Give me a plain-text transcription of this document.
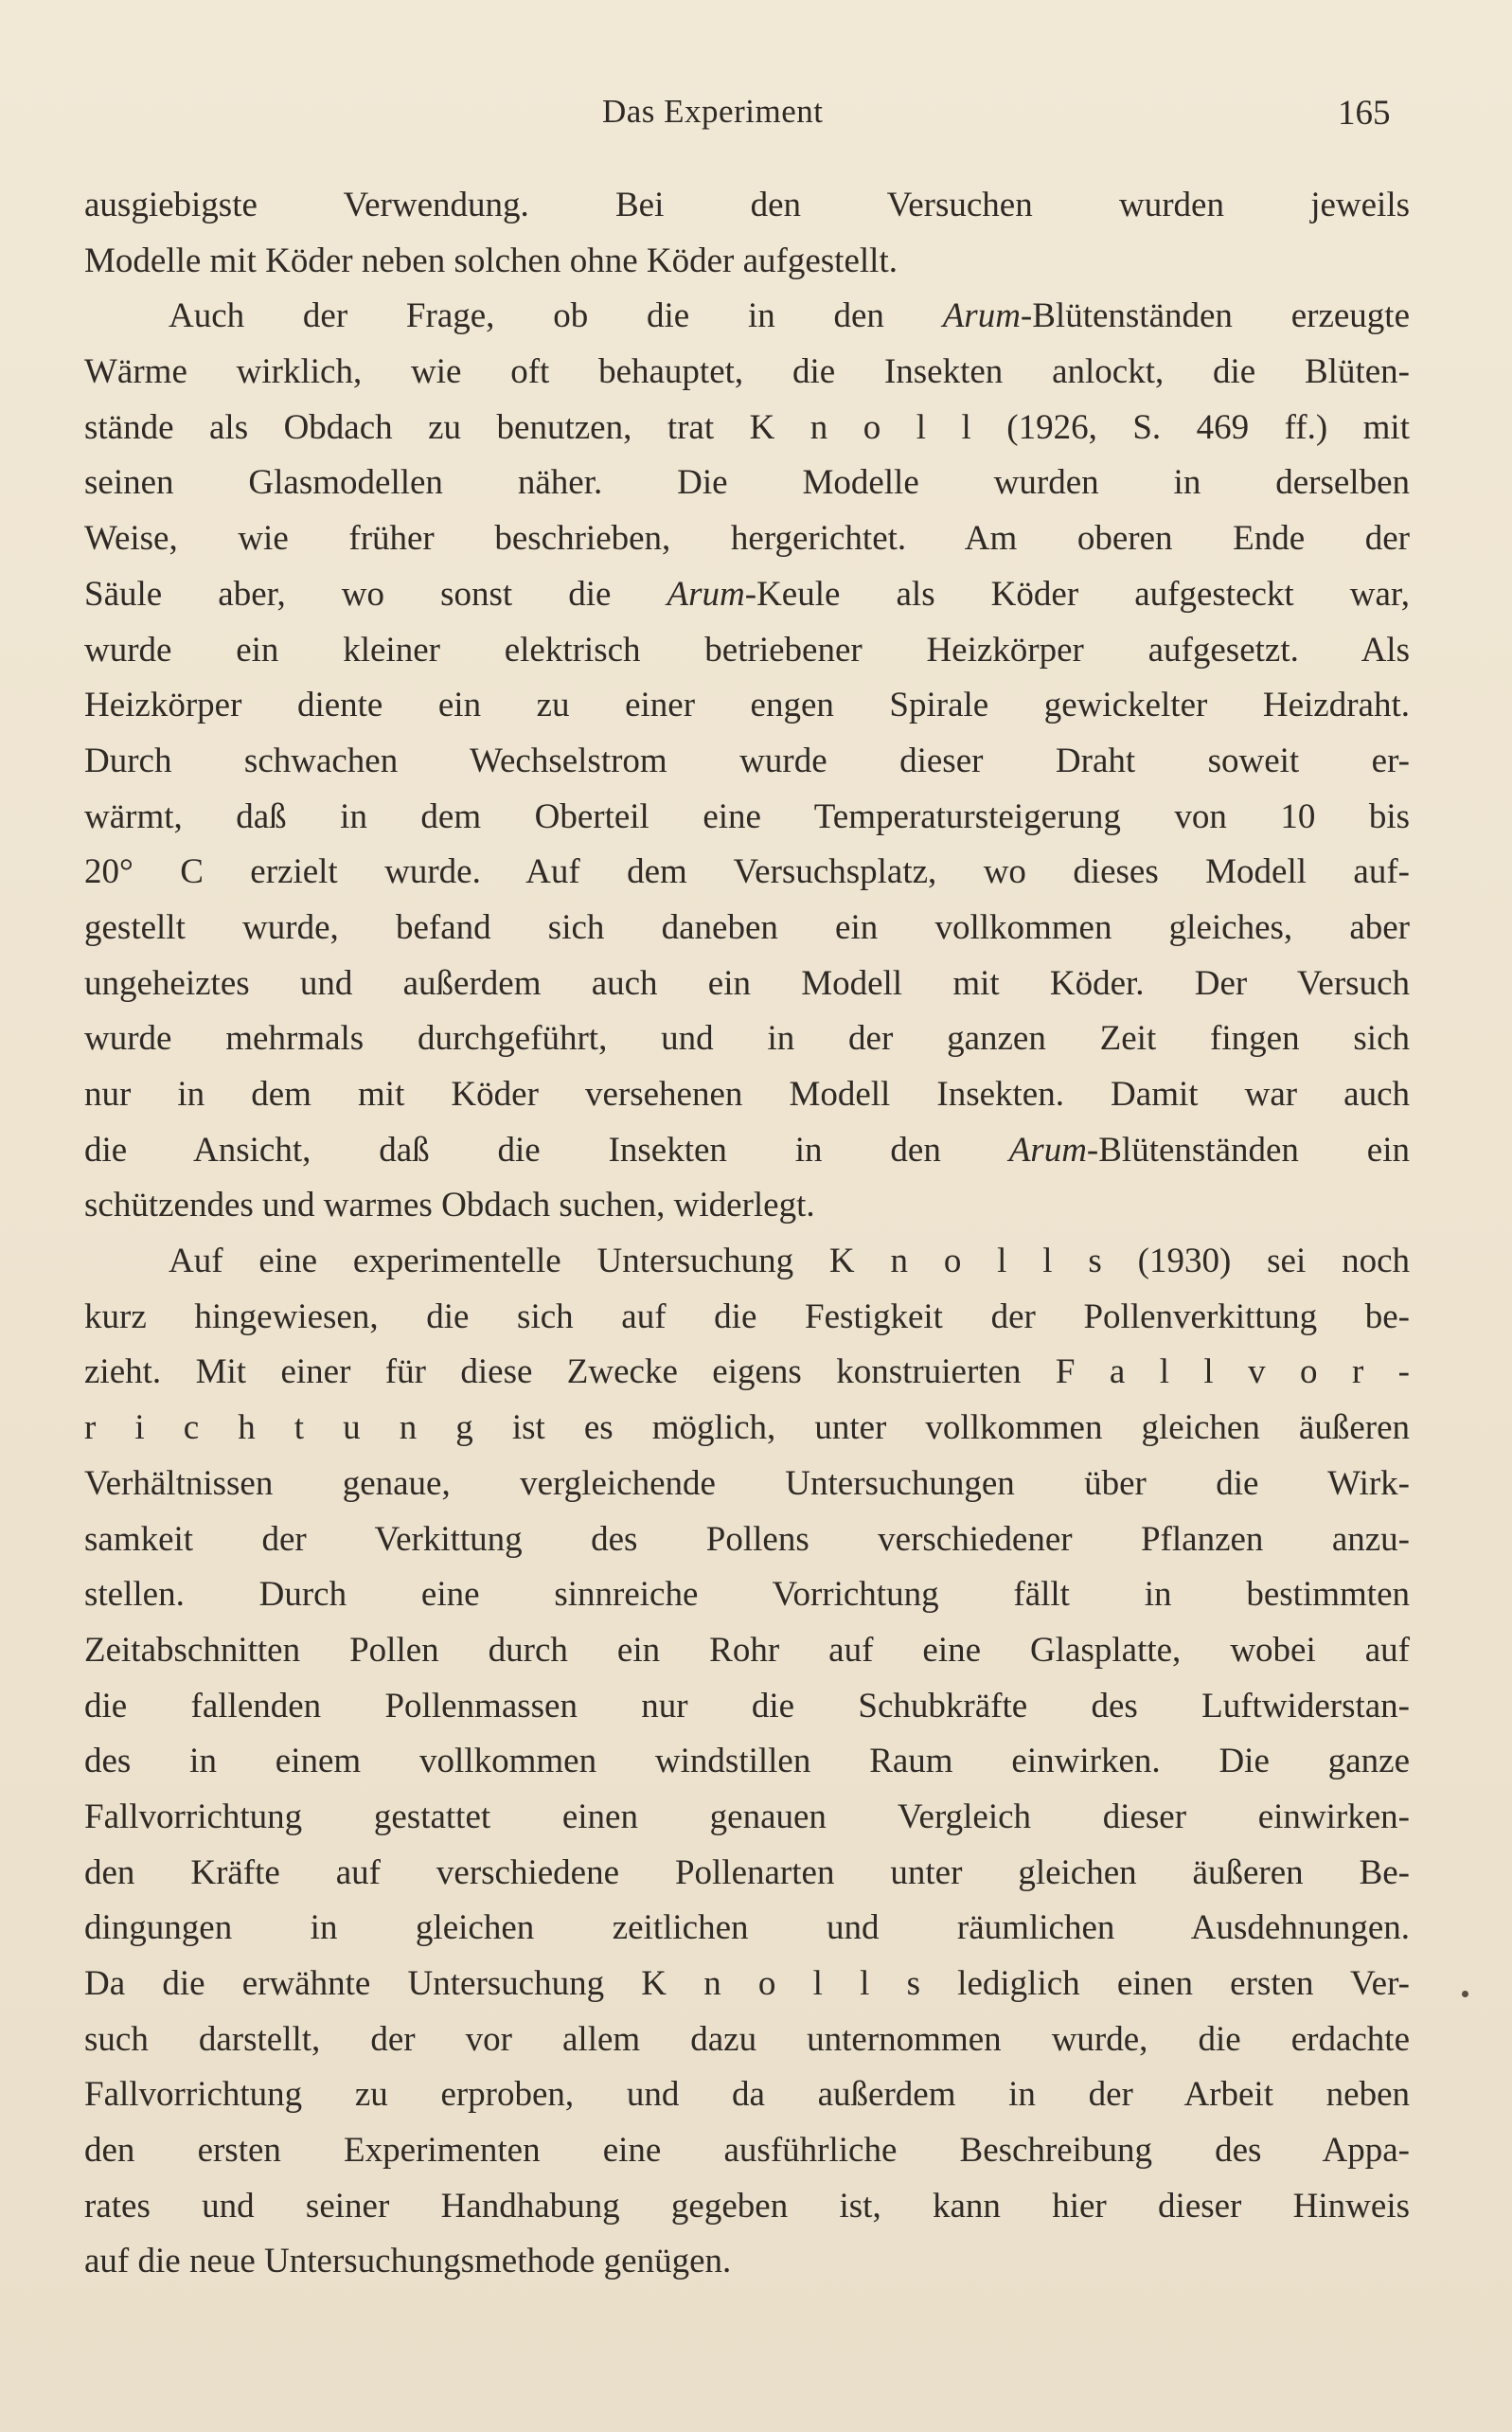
Das Experiment	165
ausgiebigste Verwendung. Bei den Versuchen wurden jeweils
Modelle mit Köder neben solchen ohne Köder aufgestellt.
Auch der Frage, ob die in den Arum-Blütenständen erzeugte
Wärme wirklich, wie oft behauptet, die Insekten anlockt, die Blüten-
stände als Obdach zu benutzen, trat K n o l l (1926, S. 469 ff.) mit
seinen Glasmodellen näher. Die Modelle wurden in derselben
Weise, wie früher beschrieben, hergerichtet. Am oberen Ende der
Säule aber, wo sonst die Arum-Keule als Köder aufgesteckt war,
wurde ein kleiner elektrisch betriebener Heizkörper aufgesetzt. Als
Heizkörper diente ein zu einer engen Spirale gewickelter Heizdraht.
Durch schwachen Wechselstrom wurde dieser Draht soweit er-
wärmt, daß in dem Oberteil eine Temperatursteigerung von 10 bis
20° C erzielt wurde. Auf dem Versuchsplatz, wo dieses Modell auf-
gestellt wurde, befand sich daneben ein vollkommen gleiches, aber
ungeheiztes und außerdem auch ein Modell mit Köder. Der Versuch
wurde mehrmals durchgeführt, und in der ganzen Zeit fingen sich
nur in dem mit Köder versehenen Modell Insekten. Damit war auch
die Ansicht, daß die Insekten in den Arum-Blütenständen ein
schützendes und warmes Obdach suchen, widerlegt.
Auf eine experimentelle Untersuchung K n o l l s (1930) sei noch
kurz hingewiesen, die sich auf die Festigkeit der Pollenverkittung be-
zieht. Mit einer für diese Zwecke eigens konstruierten F a l l v o r -
r i c h t u n g ist es möglich, unter vollkommen gleichen äußeren
Verhältnissen genaue, vergleichende Untersuchungen über die Wirk-
samkeit der Verkittung des Pollens verschiedener Pflanzen anzu-
stellen. Durch eine sinnreiche Vorrichtung fällt in bestimmten
Zeitabschnitten Pollen durch ein Rohr auf eine Glasplatte, wobei auf
die fallenden Pollenmassen nur die Schubkräfte des Luftwiderstan-
des in einem vollkommen windstillen Raum einwirken. Die ganze
Fallvorrichtung gestattet einen genauen Vergleich dieser einwirken-
den Kräfte auf verschiedene Pollenarten unter gleichen äußeren Be-
dingungen in gleichen zeitlichen und räumlichen Ausdehnungen.
Da die erwähnte Untersuchung K n o l l s lediglich einen ersten Ver-
such darstellt, der vor allem dazu unternommen wurde, die erdachte
Fallvorrichtung zu erproben, und da außerdem in der Arbeit neben
den ersten Experimenten eine ausführliche Beschreibung des Appa-
rates und seiner Handhabung gegeben ist, kann hier dieser Hinweis
auf die neue Untersuchungsmethode genügen.
